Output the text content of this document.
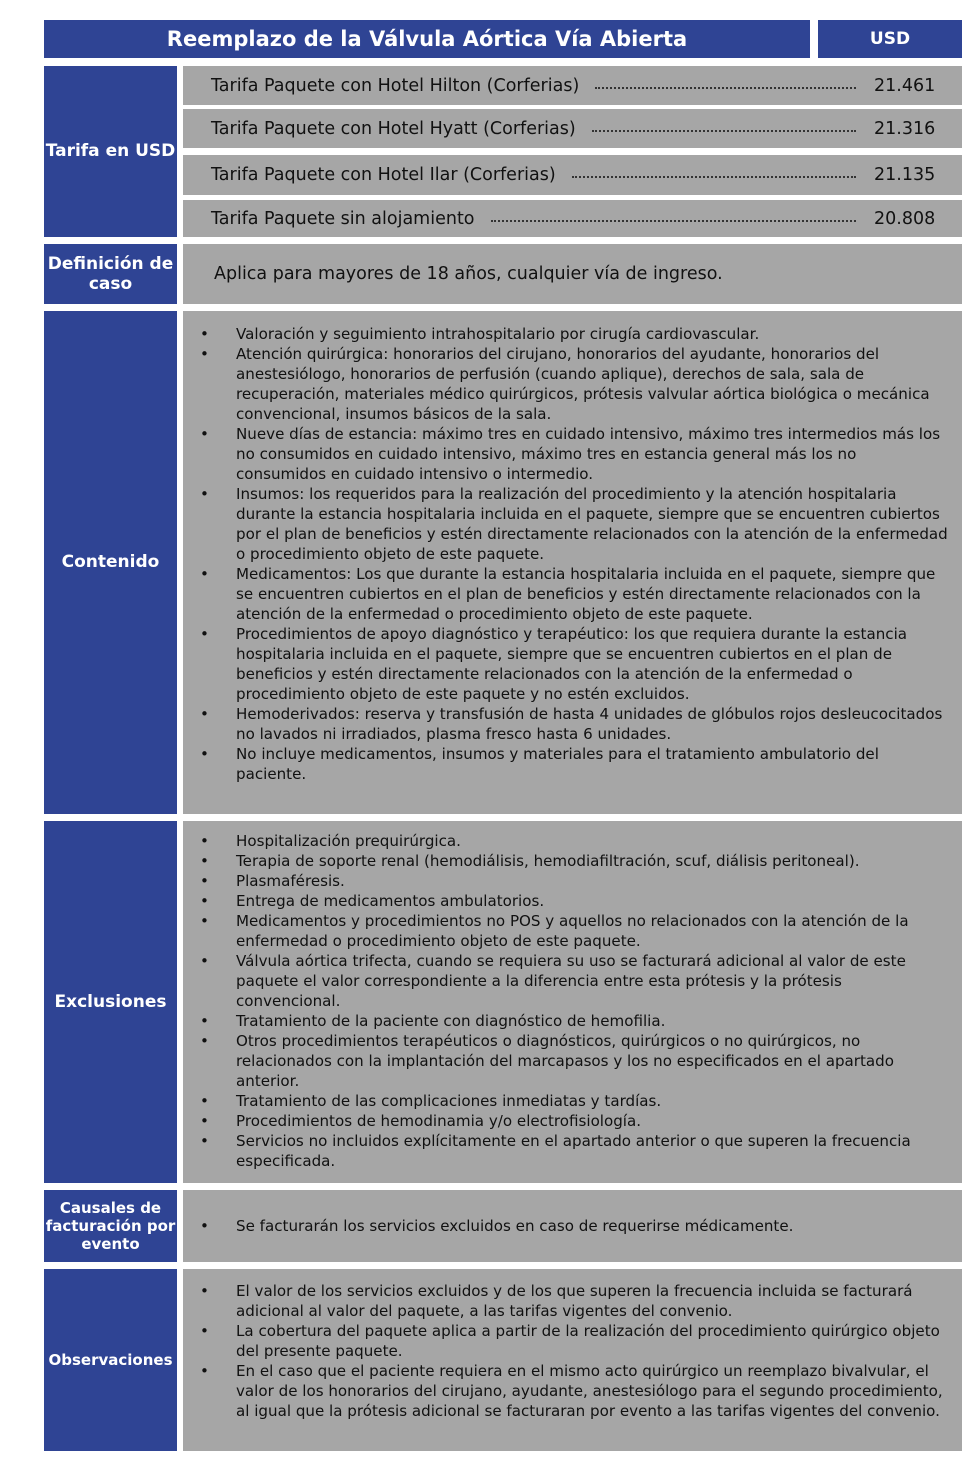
Reemplazo de la Válvula Aórtica Vía Abierta	USD
Tarifa en USD
Tarifa Paquete con Hotel Hilton (Corferias)	21.461
Tarifa Paquete con Hotel Hyatt (Corferias)	21.316
Tarifa Paquete con Hotel Ilar (Corferias)	21.135
Tarifa Paquete sin alojamiento	20.808
Definición de caso	Aplica para mayores de 18 años, cualquier vía de ingreso.
Contenido
• Valoración y seguimiento intrahospitalario por cirugía cardiovascular.
• Atención quirúrgica: honorarios del cirujano, honorarios del ayudante, honorarios del anestesiólogo, honorarios de perfusión (cuando aplique), derechos de sala, sala de recuperación, materiales médico quirúrgicos, prótesis valvular aórtica biológica o mecánica convencional, insumos básicos de la sala.
• Nueve días de estancia: máximo tres en cuidado intensivo, máximo tres intermedios más los no consumidos en cuidado intensivo, máximo tres en estancia general más los no consumidos en cuidado intensivo o intermedio.
• Insumos: los requeridos para la realización del procedimiento y la atención hospitalaria durante la estancia hospitalaria incluida en el paquete, siempre que se encuentren cubiertos por el plan de beneficios y estén directamente relacionados con la atención de la enfermedad o procedimiento objeto de este paquete.
• Medicamentos: Los que durante la estancia hospitalaria incluida en el paquete, siempre que se encuentren cubiertos en el plan de beneficios y estén directamente relacionados con la atención de la enfermedad o procedimiento objeto de este paquete.
• Procedimientos de apoyo diagnóstico y terapéutico: los que requiera durante la estancia hospitalaria incluida en el paquete, siempre que se encuentren cubiertos en el plan de beneficios y estén directamente relacionados con la atención de la enfermedad o procedimiento objeto de este paquete y no estén excluidos.
• Hemoderivados: reserva y transfusión de hasta 4 unidades de glóbulos rojos desleucocitados no lavados ni irradiados, plasma fresco hasta 6 unidades.
• No incluye medicamentos, insumos y materiales para el tratamiento ambulatorio del paciente.
Exclusiones
• Hospitalización prequirúrgica.
• Terapia de soporte renal (hemodiálisis, hemodiafiltración, scuf, diálisis peritoneal).
• Plasmaféresis.
• Entrega de medicamentos ambulatorios.
• Medicamentos y procedimientos no POS y aquellos no relacionados con la atención de la enfermedad o procedimiento objeto de este paquete.
• Válvula aórtica trifecta, cuando se requiera su uso se facturará adicional al valor de este paquete el valor correspondiente a la diferencia entre esta prótesis y la prótesis convencional.
• Tratamiento de la paciente con diagnóstico de hemofilia.
• Otros procedimientos terapéuticos o diagnósticos, quirúrgicos o no quirúrgicos, no relacionados con la implantación del marcapasos y los no especificados en el apartado anterior.
• Tratamiento de las complicaciones inmediatas y tardías.
• Procedimientos de hemodinamia y/o electrofisiología.
• Servicios no incluidos explícitamente en el apartado anterior o que superen la frecuencia especificada.
Causales de facturación por evento
• Se facturarán los servicios excluidos en caso de requerirse médicamente.
Observaciones
• El valor de los servicios excluidos y de los que superen la frecuencia incluida se facturará adicional al valor del paquete, a las tarifas vigentes del convenio.
• La cobertura del paquete aplica a partir de la realización del procedimiento quirúrgico objeto del presente paquete.
• En el caso que el paciente requiera en el mismo acto quirúrgico un reemplazo bivalvular, el valor de los honorarios del cirujano, ayudante, anestesiólogo para el segundo procedimiento, al igual que la prótesis adicional se facturaran por evento a las tarifas vigentes del convenio.
